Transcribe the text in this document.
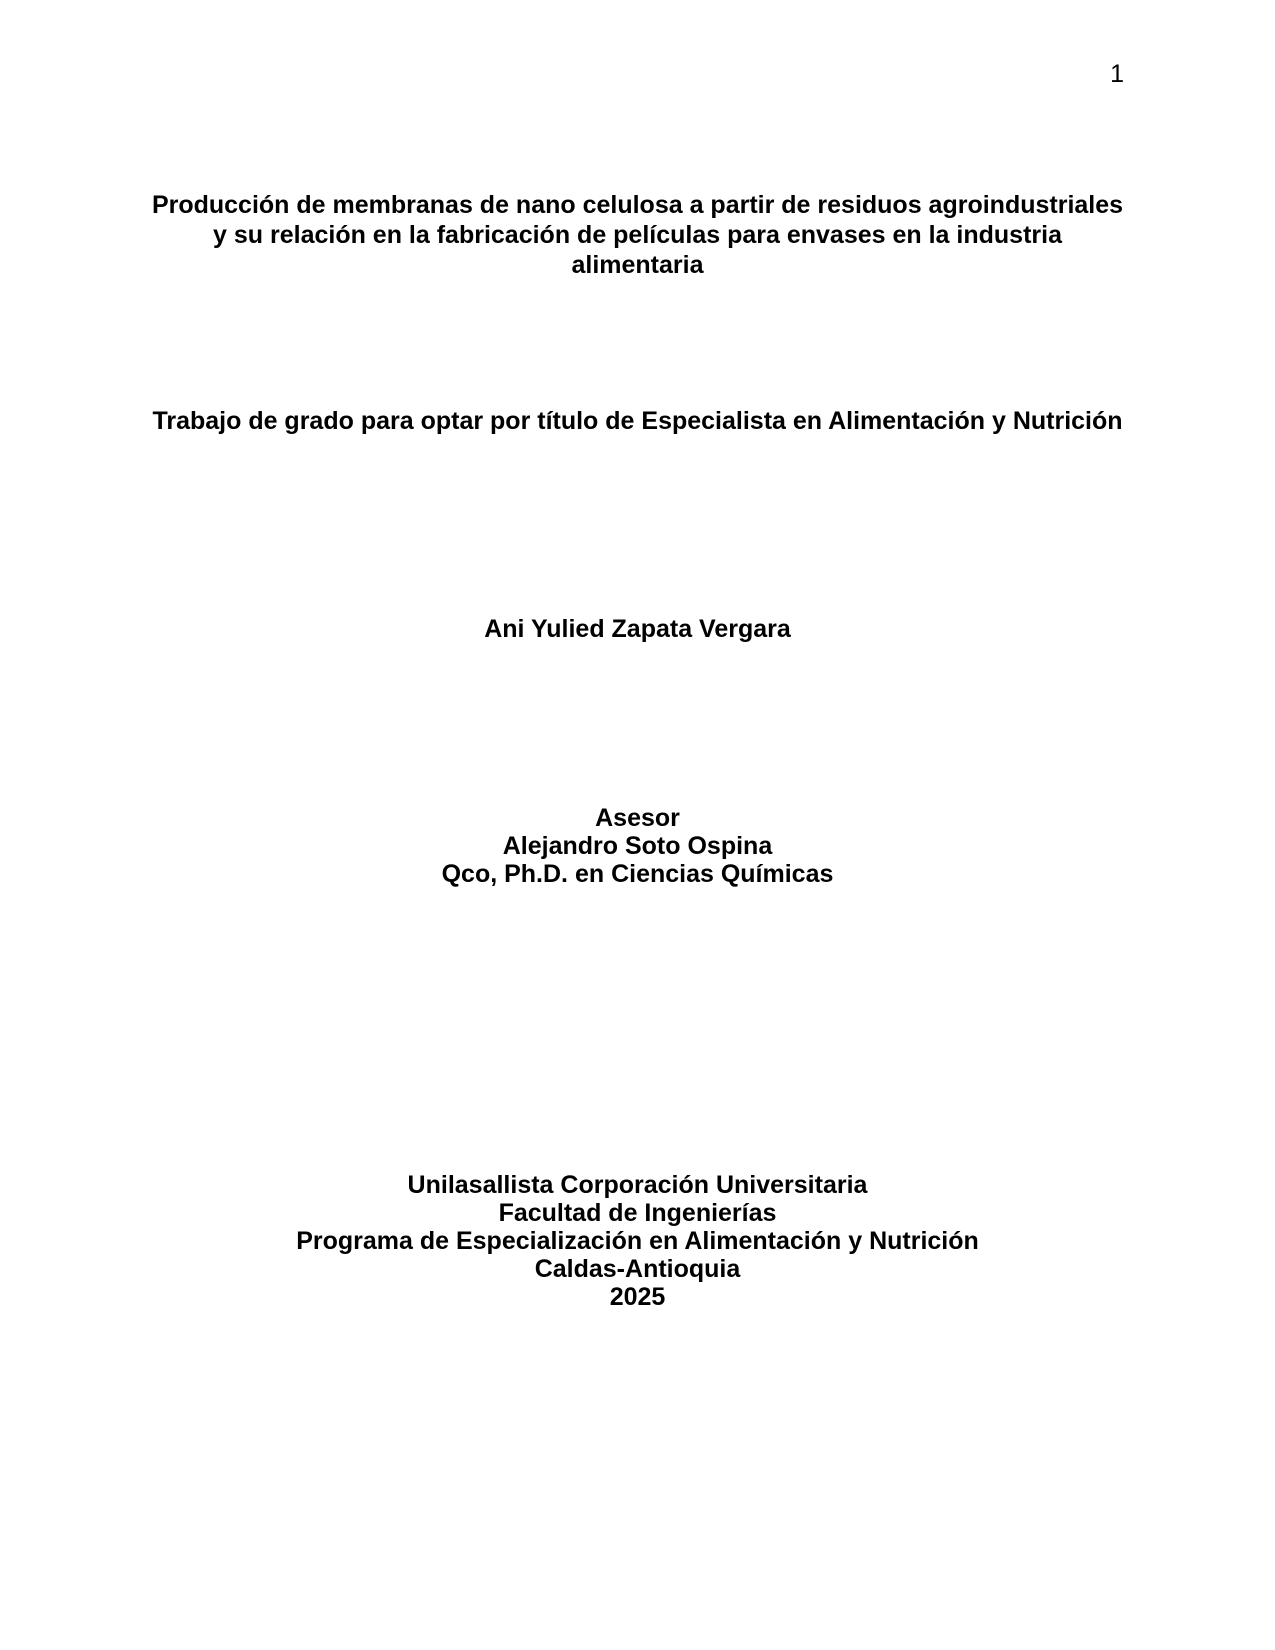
1
Producción de membranas de nano celulosa a partir de residuos agroindustriales
y su relación en la fabricación de películas para envases en la industria
alimentaria
Trabajo de grado para optar por título de Especialista en Alimentación y Nutrición
Ani Yulied Zapata Vergara
Asesor
Alejandro Soto Ospina
Qco, Ph.D. en Ciencias Químicas
Unilasallista Corporación Universitaria
Facultad de Ingenierías
Programa de Especialización en Alimentación y Nutrición
Caldas-Antioquia
2025
